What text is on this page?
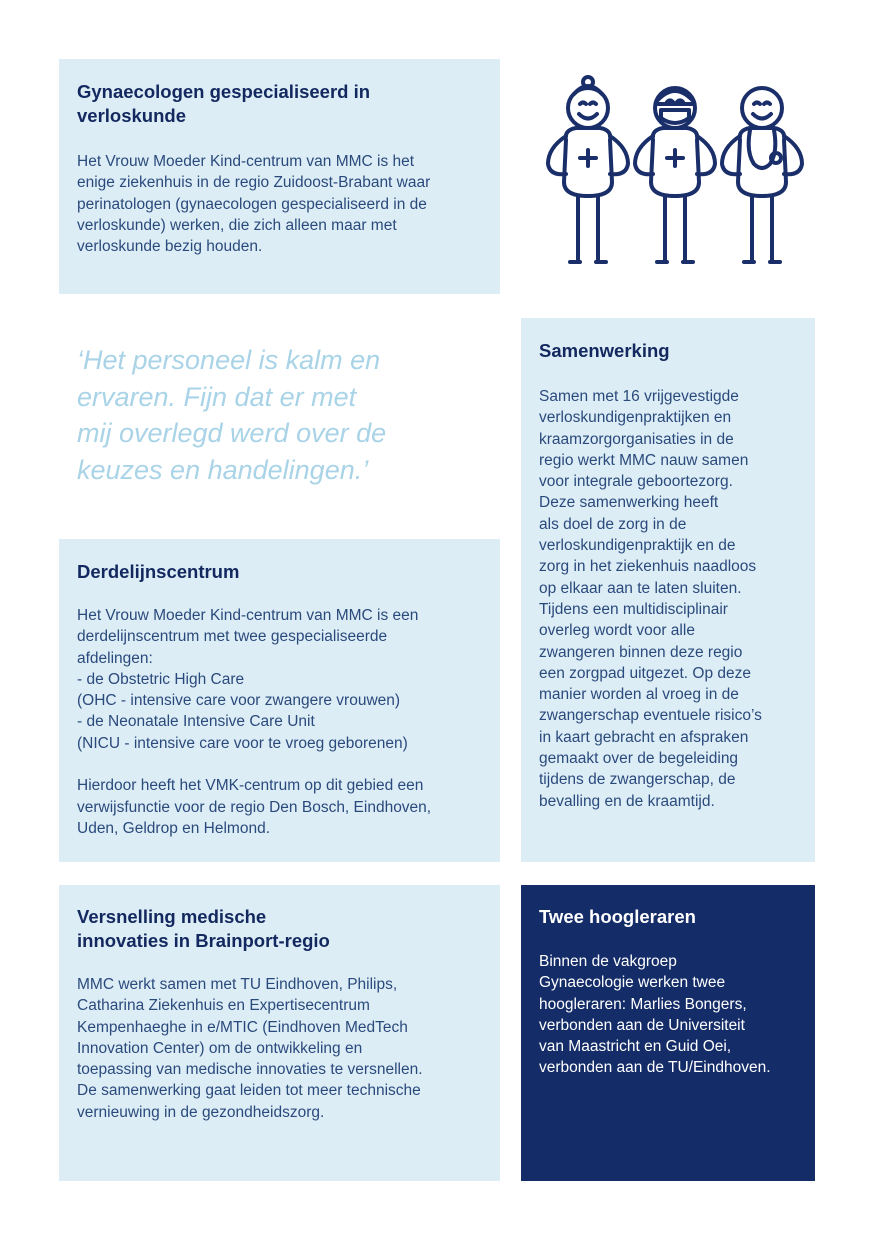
Gynaecologen gespecialiseerd in
verloskunde

Het Vrouw Moeder Kind-centrum van MMC is het
enige ziekenhuis in de regio Zuidoost-Brabant waar
perinatologen (gynaecologen gespecialiseerd in de
verloskunde) werken, die zich alleen maar met
verloskunde bezig houden.

‘Het personeel is kalm en
ervaren. Fijn dat er met
mij overlegd werd over de
keuzes en handelingen.’

Samenwerking

Samen met 16 vrijgevestigde
verloskundigenpraktijken en
kraamzorgorganisaties in de
regio werkt MMC nauw samen
voor integrale geboortezorg.
Deze samenwerking heeft
als doel de zorg in de
verloskundigenpraktijk en de
zorg in het ziekenhuis naadloos
op elkaar aan te laten sluiten.
Tijdens een multidisciplinair
overleg wordt voor alle
zwangeren binnen deze regio
een zorgpad uitgezet. Op deze
manier worden al vroeg in de
zwangerschap eventuele risico’s
in kaart gebracht en afspraken
gemaakt over de begeleiding
tijdens de zwangerschap, de
bevalling en de kraamtijd.

Derdelijnscentrum

Het Vrouw Moeder Kind-centrum van MMC is een
derdelijnscentrum met twee gespecialiseerde
afdelingen:
- de Obstetric High Care
(OHC - intensive care voor zwangere vrouwen)
- de Neonatale Intensive Care Unit
(NICU - intensive care voor te vroeg geborenen)

Hierdoor heeft het VMK-centrum op dit gebied een
verwijsfunctie voor de regio Den Bosch, Eindhoven,
Uden, Geldrop en Helmond.

Versnelling medische
innovaties in Brainport-regio

MMC werkt samen met TU Eindhoven, Philips,
Catharina Ziekenhuis en Expertisecentrum
Kempenhaeghe in e/MTIC (Eindhoven MedTech
Innovation Center) om de ontwikkeling en
toepassing van medische innovaties te versnellen.
De samenwerking gaat leiden tot meer technische
vernieuwing in de gezondheidszorg.

Twee hoogleraren

Binnen de vakgroep
Gynaecologie werken twee
hoogleraren: Marlies Bongers,
verbonden aan de Universiteit
van Maastricht en Guid Oei,
verbonden aan de TU/Eindhoven.
